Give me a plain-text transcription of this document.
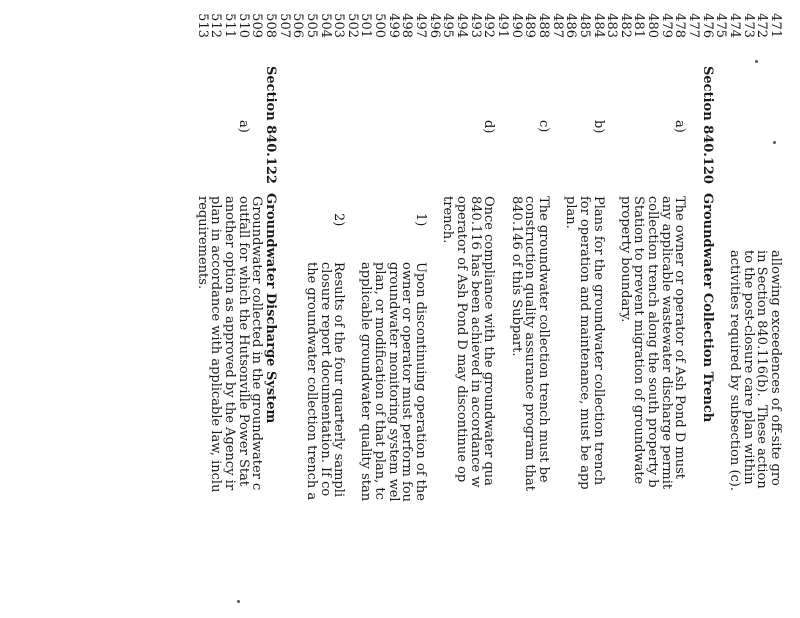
471
472
473
474
475
476
477
478
479
480
481
482
483
484
485
486
487
488
489
490
491
492
493
494
495
496
497
498
499
500
501
502
503
504
505
506
507
508
509
510
511
512
513
allowing exceedences of off-site gro
in Section 840.116(b).  These action
to the post-closure care plan within
activities required by subsection (c).
Section 840.120  Groundwater Collection Trench
a)
The owner or operator of Ash Pond D must
any applicable wastewater discharge permit
collection trench along the south property b
Station to prevent migration of groundwate
property boundary.
b)
Plans for the groundwater collection trench
for operation and maintenance, must be app
plan.
c)
The groundwater collection trench must be
construction quality assurance program that
840.146 of this Subpart.
d)
Once compliance with the groundwater qua
840.116 has been achieved in accordance w
operator of Ash Pond D may discontinue op
trench.
1)
Upon discontinuing operation of the
owner or operator must perform fou
groundwater monitoring system wel
plan, or modification of that plan, tc
applicable groundwater quality stan
2)
Results of the four quarterly sampli
closure report documentation. If co
the groundwater collection trench a
Section 840.122  Groundwater Discharge System
a)
Groundwater collected in the groundwater c
outfall for which the Hutsonville Power Stat
another option as approved by the Agency ir
plan in accordance with applicable law, inclu
requirements.
